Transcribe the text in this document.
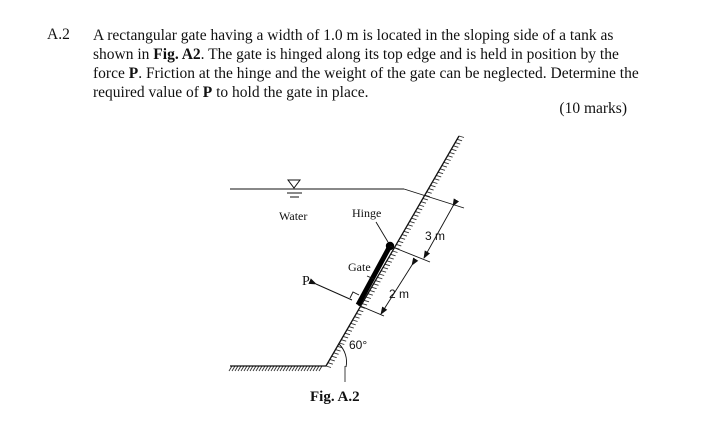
A.2 A rectangular gate having a width of 1.0 m is located in the sloping side of a tank as shown in Fig. A2. The gate is hinged along its top edge and is held in position by the force P. Friction at the hinge and the weight of the gate can be neglected. Determine the required value of P to hold the gate in place.
(10 marks)
Water	Hinge
Gate
P
3 m
2 m
60°
Fig. A.2
